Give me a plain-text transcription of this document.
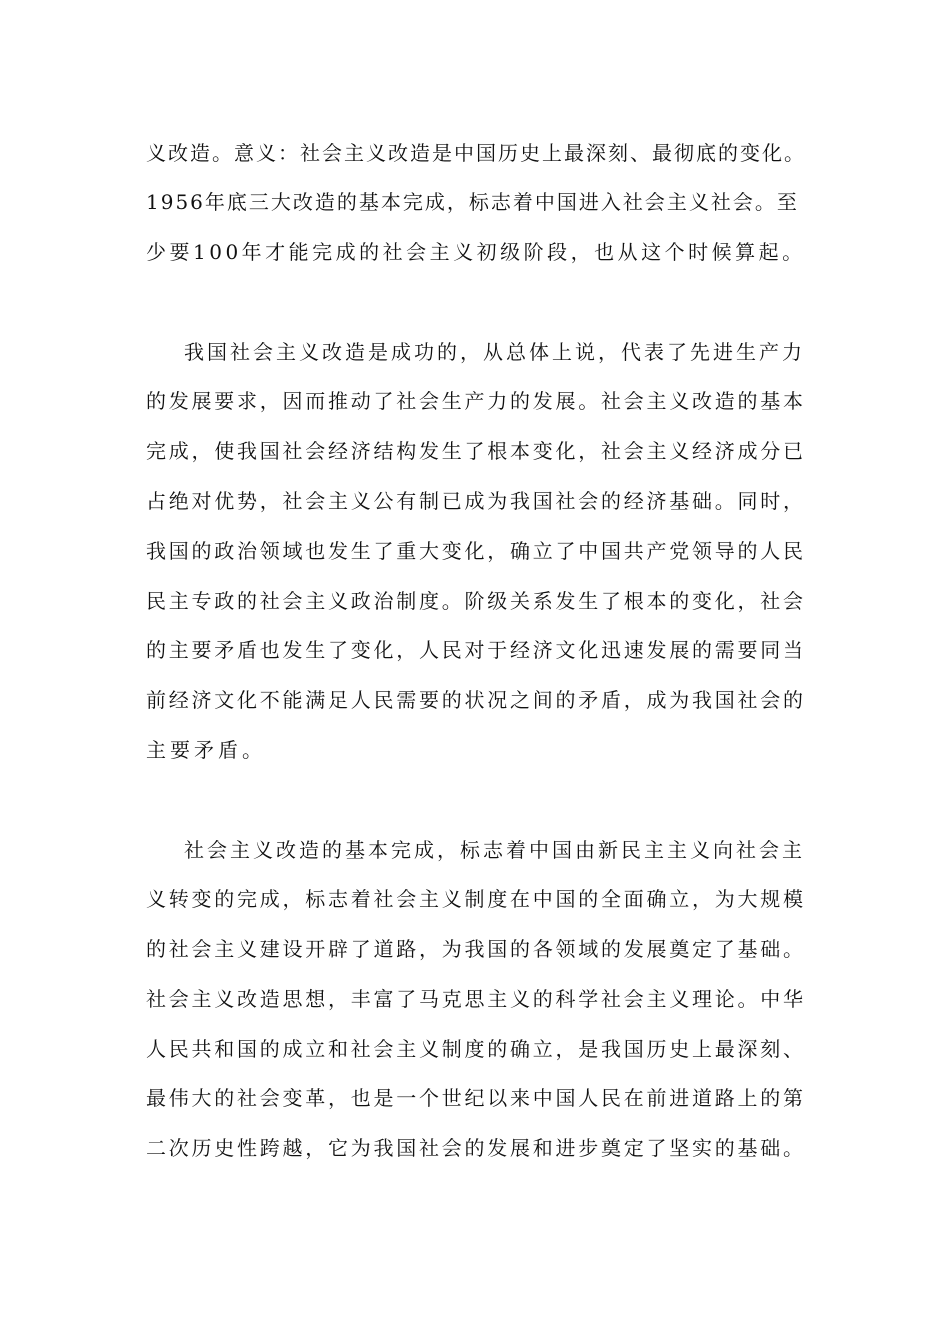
义改造。意义：社会主义改造是中国历史上最深刻、最彻底的变化。
1956年底三大改造的基本完成，标志着中国进入社会主义社会。至
少要100年才能完成的社会主义初级阶段，也从这个时候算起。
我国社会主义改造是成功的，从总体上说，代表了先进生产力
的发展要求，因而推动了社会生产力的发展。社会主义改造的基本
完成，使我国社会经济结构发生了根本变化，社会主义经济成分已
占绝对优势，社会主义公有制已成为我国社会的经济基础。同时，
我国的政治领域也发生了重大变化，确立了中国共产党领导的人民
民主专政的社会主义政治制度。阶级关系发生了根本的变化，社会
的主要矛盾也发生了变化，人民对于经济文化迅速发展的需要同当
前经济文化不能满足人民需要的状况之间的矛盾，成为我国社会的
主要矛盾。
社会主义改造的基本完成，标志着中国由新民主主义向社会主
义转变的完成，标志着社会主义制度在中国的全面确立，为大规模
的社会主义建设开辟了道路，为我国的各领域的发展奠定了基础。
社会主义改造思想，丰富了马克思主义的科学社会主义理论。中华
人民共和国的成立和社会主义制度的确立，是我国历史上最深刻、
最伟大的社会变革，也是一个世纪以来中国人民在前进道路上的第
二次历史性跨越，它为我国社会的发展和进步奠定了坚实的基础。
